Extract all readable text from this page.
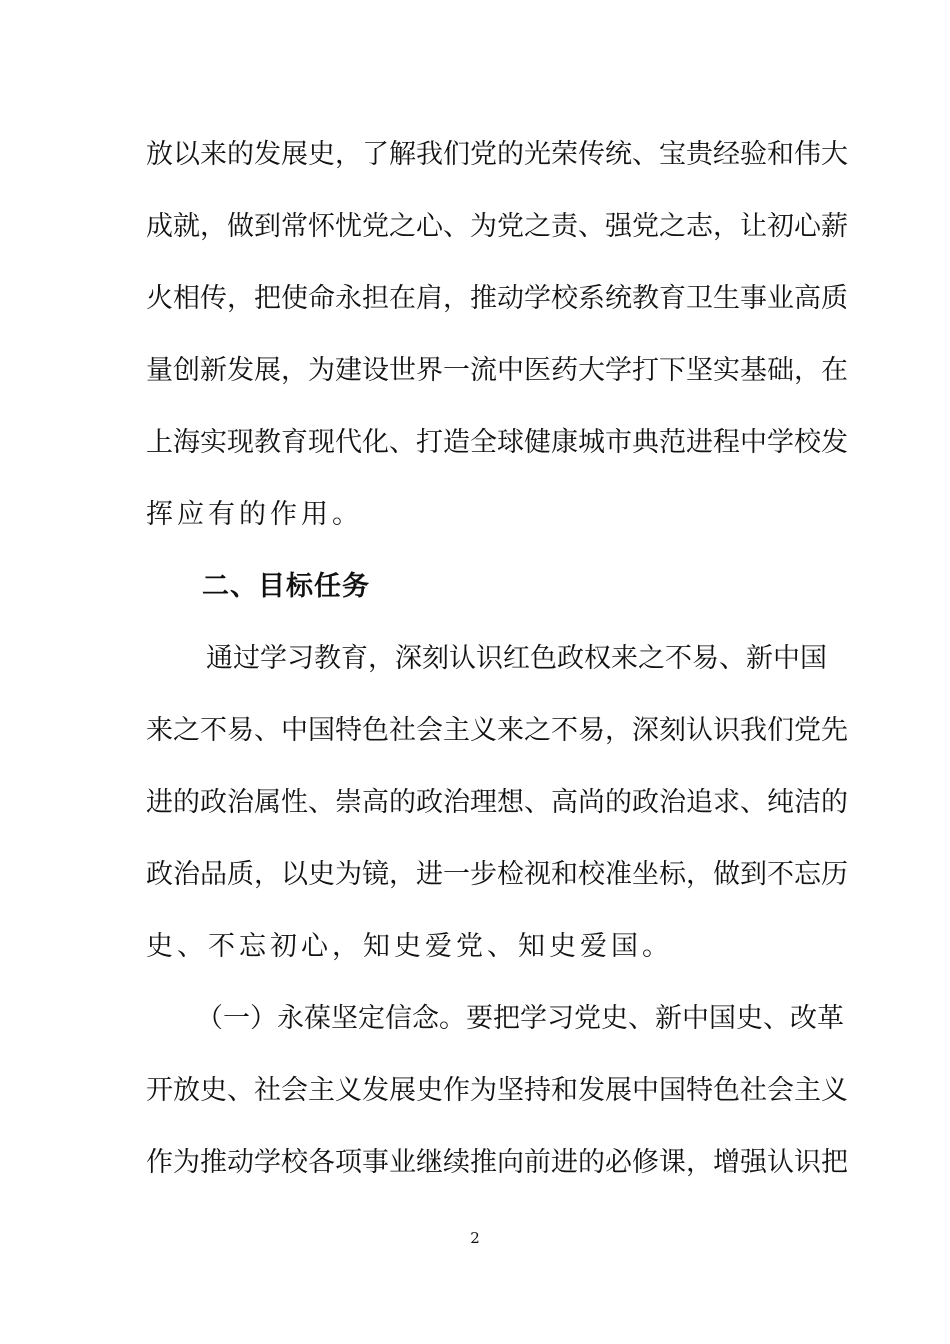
放以来的发展史，了解我们党的光荣传统、宝贵经验和伟大
成就，做到常怀忧党之心、为党之责、强党之志，让初心薪
火相传，把使命永担在肩，推动学校系统教育卫生事业高质
量创新发展，为建设世界一流中医药大学打下坚实基础，在
上海实现教育现代化、打造全球健康城市典范进程中学校发
挥应有的作用。
二、目标任务
通过学习教育，深刻认识红色政权来之不易、新中国
来之不易、中国特色社会主义来之不易，深刻认识我们党先
进的政治属性、崇高的政治理想、高尚的政治追求、纯洁的
政治品质，以史为镜，进一步检视和校准坐标，做到不忘历
史、不忘初心，知史爱党、知史爱国。
（一）永葆坚定信念。要把学习党史、新中国史、改革
开放史、社会主义发展史作为坚持和发展中国特色社会主义
作为推动学校各项事业继续推向前进的必修课，增强认识把
2
